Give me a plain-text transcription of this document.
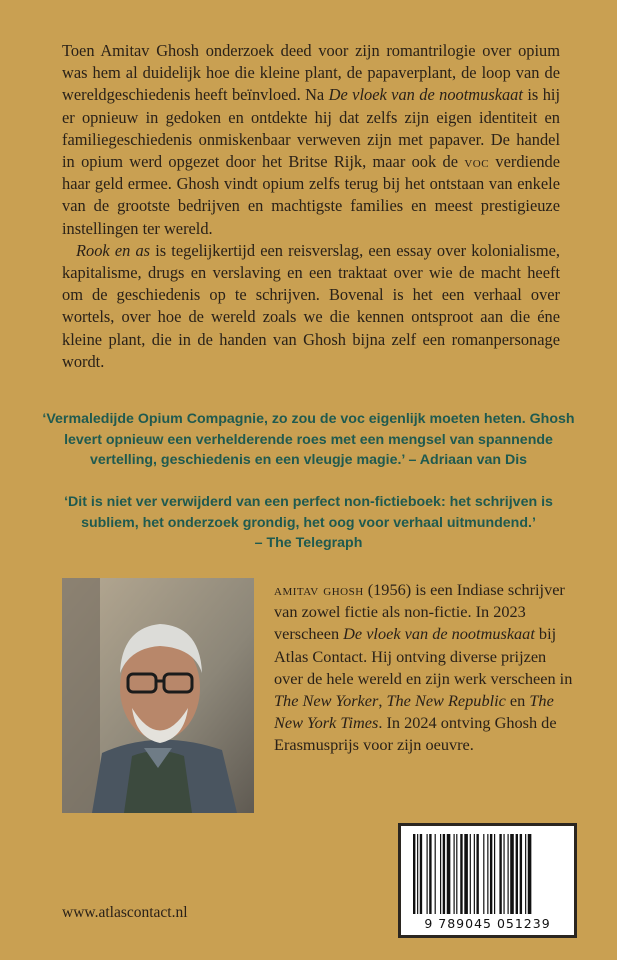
Toen Amitav Ghosh onderzoek deed voor zijn romantrilogie over opium was hem al duidelijk hoe die kleine plant, de papaverplant, de loop van de wereldgeschiedenis heeft beïnvloed. Na De vloek van de nootmuskaat is hij er opnieuw in gedoken en ontdekte hij dat zelfs zijn eigen identiteit en familiegeschiedenis onmiskenbaar verweven zijn met papaver. De handel in opium werd opgezet door het Britse Rijk, maar ook de voc verdiende haar geld ermee. Ghosh vindt opium zelfs terug bij het ontstaan van enkele van de grootste bedrijven en machtigste families en meest prestigieuze instellingen ter wereld.

Rook en as is tegelijkertijd een reisverslag, een essay over kolonialisme, kapitalisme, drugs en verslaving en een traktaat over wie de macht heeft om de geschiedenis op te schrijven. Bovenal is het een verhaal over wortels, over hoe de wereld zoals we die kennen ontsproot aan die éne kleine plant, die in de handen van Ghosh bijna zelf een romanpersonage wordt.

‘Vermaledijde Opium Compagnie, zo zou de voc eigenlijk moeten heten. Ghosh levert opnieuw een verhelderende roes met een mengsel van spannende vertelling, geschiedenis en een vleugje magie.’ – Adriaan van Dis

‘Dit is niet ver verwijderd van een perfect non-fictieboek: het schrijven is subliem, het onderzoek grondig, het oog voor verhaal uitmundend.’
– The Telegraph

amitav ghosh (1956) is een Indiase schrijver van zowel fictie als non-fictie. In 2023 verscheen De vloek van de nootmuskaat bij Atlas Contact. Hij ontving diverse prijzen over de hele wereld en zijn werk verscheen in The New Yorker, The New Republic en The New York Times. In 2024 ontving Ghosh de Erasmusprijs voor zijn oeuvre.

9 789045 051239

www.atlascontact.nl
